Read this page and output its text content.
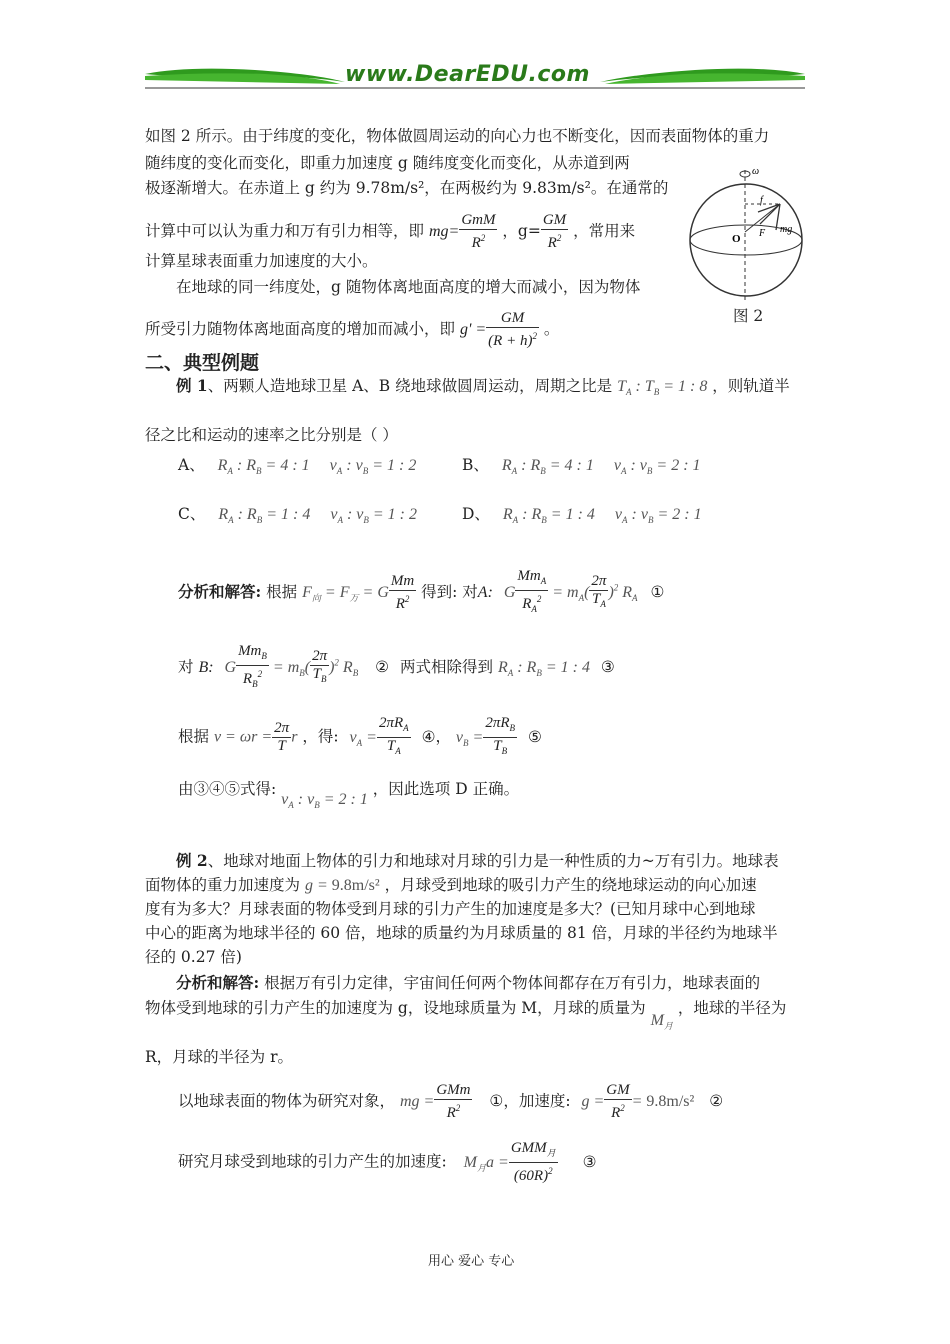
www.DearEDU.com
如图 2 所示。由于纬度的变化，物体做圆周运动的向心力也不断变化，因而表面物体的重力
随纬度的变化而变化，即重力加速度 g 随纬度变化而变化，从赤道到两
极逐渐增大。在赤道上 g 约为 9.78m/s²，在两极约为 9.83m/s²。在通常的
计算中可以认为重力和万有引力相等，即 $mg= \frac{\text{GmM}}{R^2}$ ，$g= \frac{GM}{R^2}$ ，常用来
计算星球表面重力加速度的大小。
在地球的同一纬度处，g 随物体离地面高度的增大而减小，因为物体
所受引力随物体离地面高度的增加而减小，即 $g' = \frac{GM}{(R + h)^2}$ 。
ω
f
mg
O F
图 2
二、典型例题
例 1、两颗人造地球卫星 A、B 绕地球做圆周运动，周期之比是 $T_A$ : $T_B = 1$ : 8 ，则轨道半
径之比和运动的速率之比分别是（ ）
A、 $R_A$ : $R_B = 4$ : 1     $v_A$ : $v_B = 1$ : 2	B、 $R_A$ : $R_B = 4$ : 1     $v_A$ : $v_B = 2$ : 1
C、 $R_A$ : $R_B = 1$ : 4     $v_A$ : $v_B = 1$ : 2	D、 $R_A$ : $R_B = 1$ : 4     $v_A$ : $v_B = 2$ : 1
分析和解答: 根据 $F_向 = F_万 = G \frac{Mm}{R^2}$ 得到: 对A: G $\frac{Mm_A}{R_A^2} = m_A( \frac{2\pi}{T_A} )^2$ $R_A$ ①
对 B: G $\frac{Mm_B}{R_B^2} = m_B( \frac{2\pi}{T_B} )^2$ $R_B$ ② 两式相除得到 $R_A$ : $R_B = 1$ : 4 ③
根据 $v = \omega r = \frac{2\pi}{T}$ r ，得: $v_A = \frac{2\pi R_A}{T_A}$ ④， $v_B = \frac{2\pi R_B}{T_B}$ ⑤
由③④⑤式得: $v_A$ : $v_B = 2$ : 1 ，因此选项 D 正确。
例 2、地球对地面上物体的引力和地球对月球的引力是一种性质的力~万有引力。地球表
面物体的重力加速度为 g = 9.8m/s² ，月球受到地球的吸引力产生的绕地球运动的向心加速
度有为多大？月球表面的物体受到月球的引力产生的加速度是多大？(已知月球中心到地球
中心的距离为地球半径的 60 倍，地球的质量约为月球质量的 81 倍，月球的半径约为地球半
径的 0.27 倍)
分析和解答: 根据万有引力定律，宇宙间任何两个物体间都存在万有引力，地球表面的
物体受到地球的引力产生的加速度为 g，设地球质量为 M，月球的质量为 $M_月$ ，地球的半径为
R，月球的半径为 r。
以地球表面的物体为研究对象， mg = $\frac{\text{GMm}}{R^2}$ ①，加速度: $g = \frac{GM}{R^2} = 9.8m/s^2$ ②
研究月球受到地球的引力产生的加速度: $M_月a = \frac{GMM_月}{(60R)^2}$ ③
用心 爱心 专心
